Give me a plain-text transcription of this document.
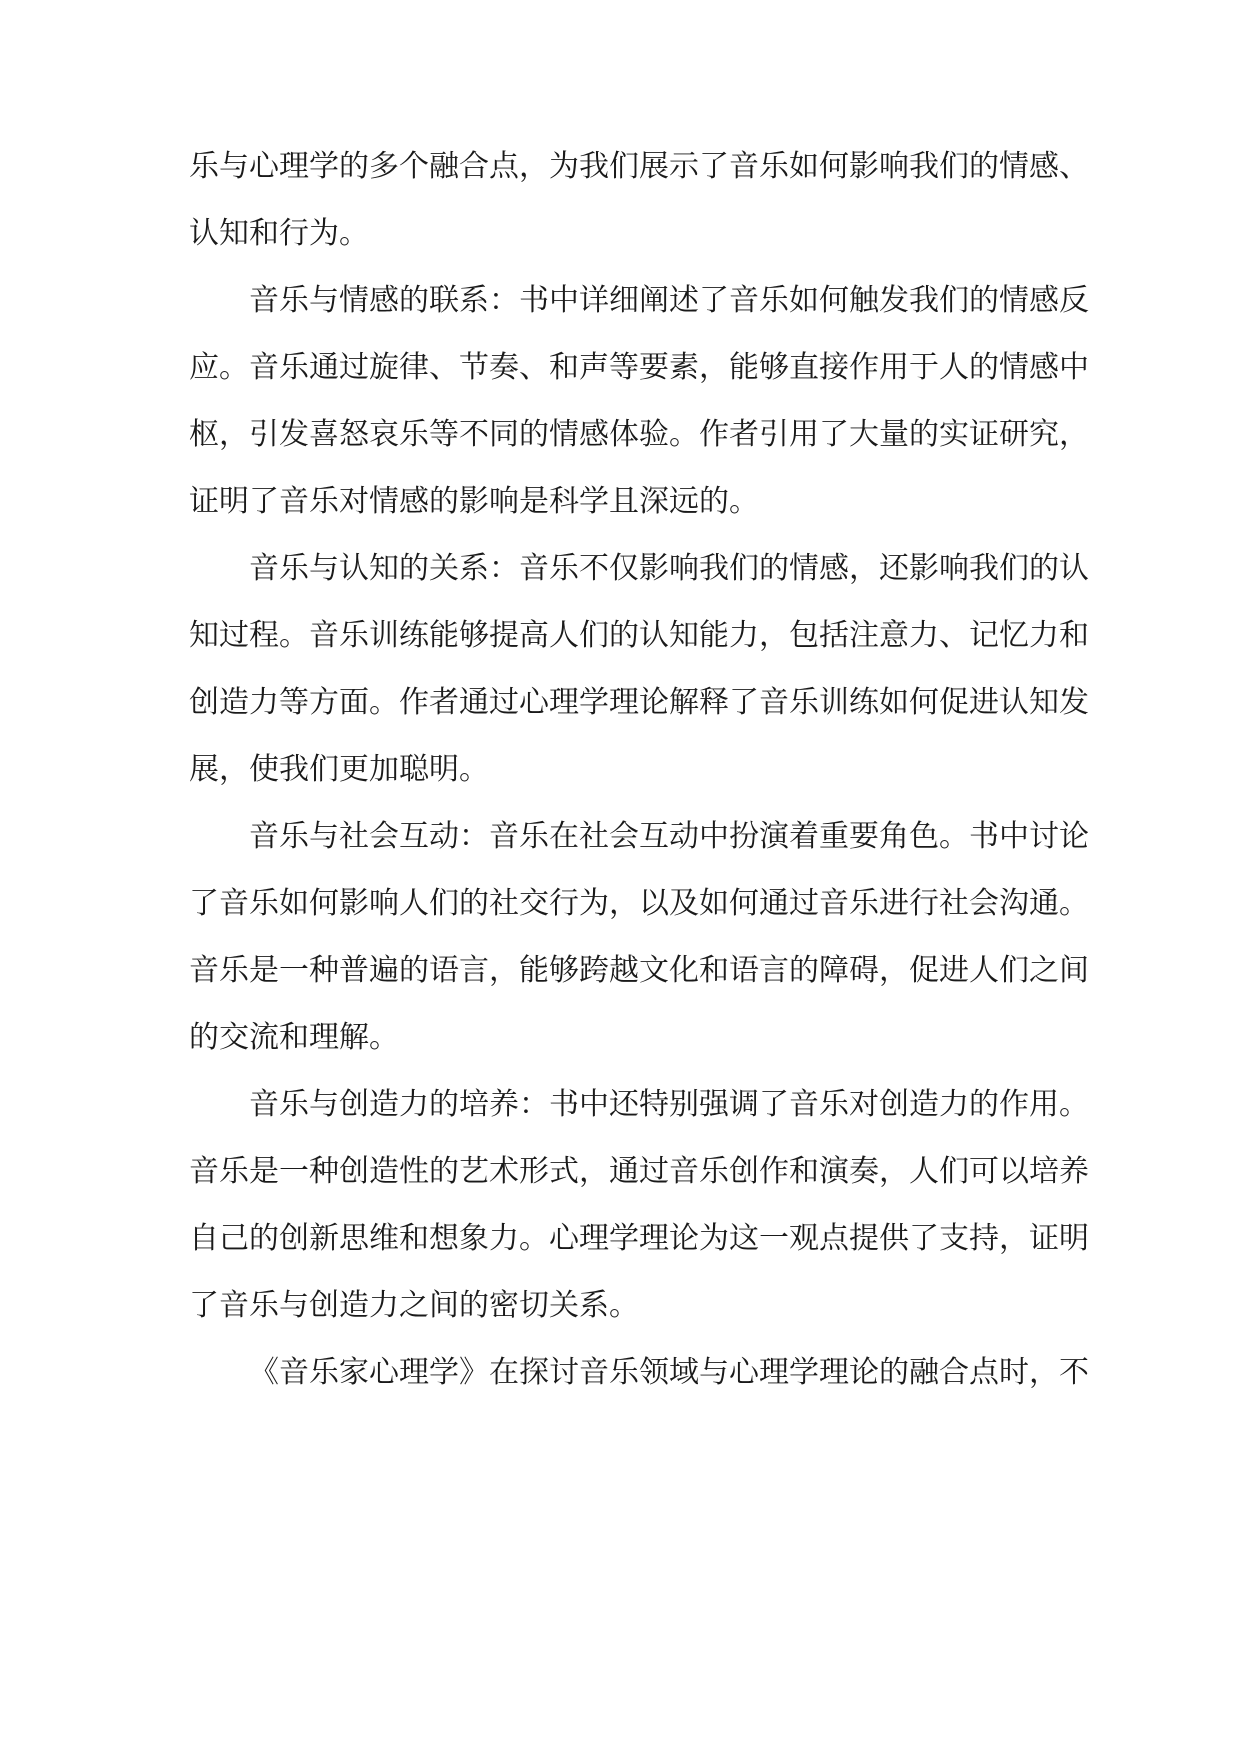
乐与心理学的多个融合点，为我们展示了音乐如何影响我们的情感、
认知和行为。
音乐与情感的联系：书中详细阐述了音乐如何触发我们的情感反
应。音乐通过旋律、节奏、和声等要素，能够直接作用于人的情感中
枢，引发喜怒哀乐等不同的情感体验。作者引用了大量的实证研究，
证明了音乐对情感的影响是科学且深远的。
音乐与认知的关系：音乐不仅影响我们的情感，还影响我们的认
知过程。音乐训练能够提高人们的认知能力，包括注意力、记忆力和
创造力等方面。作者通过心理学理论解释了音乐训练如何促进认知发
展，使我们更加聪明。
音乐与社会互动：音乐在社会互动中扮演着重要角色。书中讨论
了音乐如何影响人们的社交行为，以及如何通过音乐进行社会沟通。
音乐是一种普遍的语言，能够跨越文化和语言的障碍，促进人们之间
的交流和理解。
音乐与创造力的培养：书中还特别强调了音乐对创造力的作用。
音乐是一种创造性的艺术形式，通过音乐创作和演奏，人们可以培养
自己的创新思维和想象力。心理学理论为这一观点提供了支持，证明
了音乐与创造力之间的密切关系。
《音乐家心理学》在探讨音乐领域与心理学理论的融合点时，不
